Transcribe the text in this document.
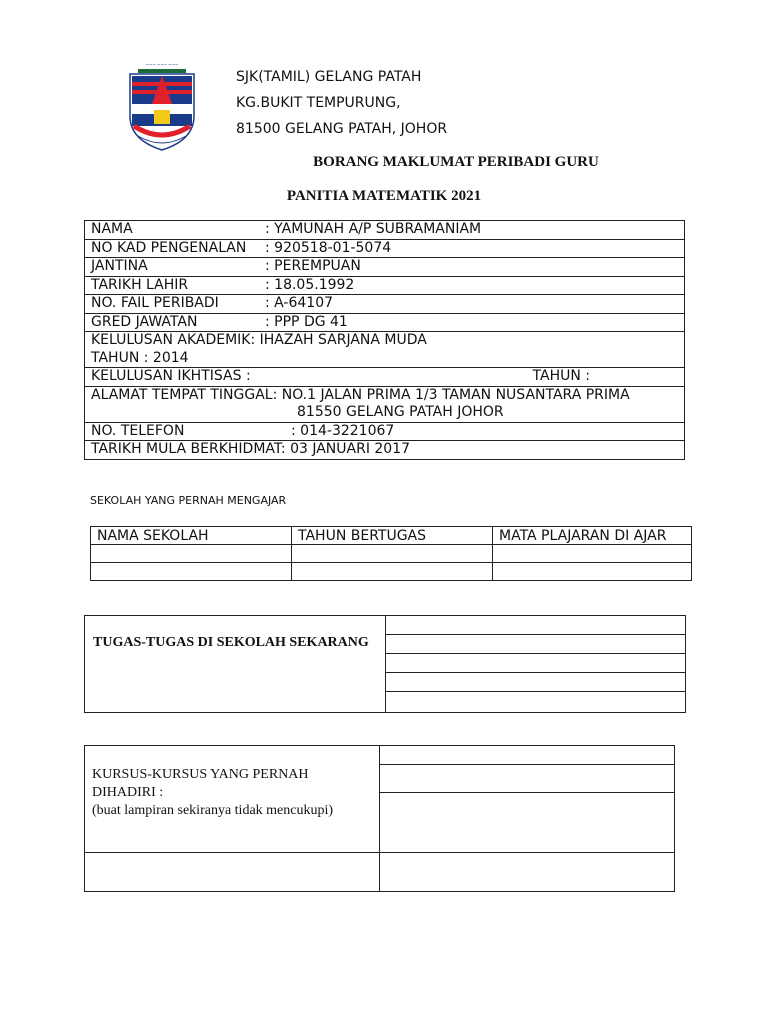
~~~ ~~~ ~~~
SJK(TAMIL) GELANG PATAH
KG.BUKIT TEMPURUNG,
81500 GELANG PATAH, JOHOR
BORANG MAKLUMAT PERIBADI GURU
PANITIA MATEMATIK 2021
NAMA	: YAMUNAH A/P SUBRAMANIAM
NO KAD PENGENALAN : 920518-01-5074
JANTINA	: PEREMPUAN
TARIKH LAHIR	: 18.05.1992
NO. FAIL PERIBADI	: A-64107
GRED JAWATAN	: PPP DG 41

KELULUSAN AKADEMIK: IHAZAH SARJANA MUDA
TAHUN : 2014

KELULUSAN IKHTISAS :	TAHUN :

ALAMAT TEMPAT TINGGAL: NO.1 JALAN PRIMA 1/3 TAMAN NUSANTARA PRIMA
81550 GELANG PATAH JOHOR

NO. TELEFON	: 014-3221067
TARIKH MULA BERKHIDMAT: 03 JANUARI 2017
SEKOLAH YANG PERNAH MENGAJAR
NAMA SEKOLAH	TAHUN BERTUGAS	MATA PLAJARAN DI AJAR

TUGAS-TUGAS DI SEKOLAH SEKARANG
KURSUS-KURSUS YANG PERNAH DIHADIRI :
(buat lampiran sekiranya tidak mencukupi)
